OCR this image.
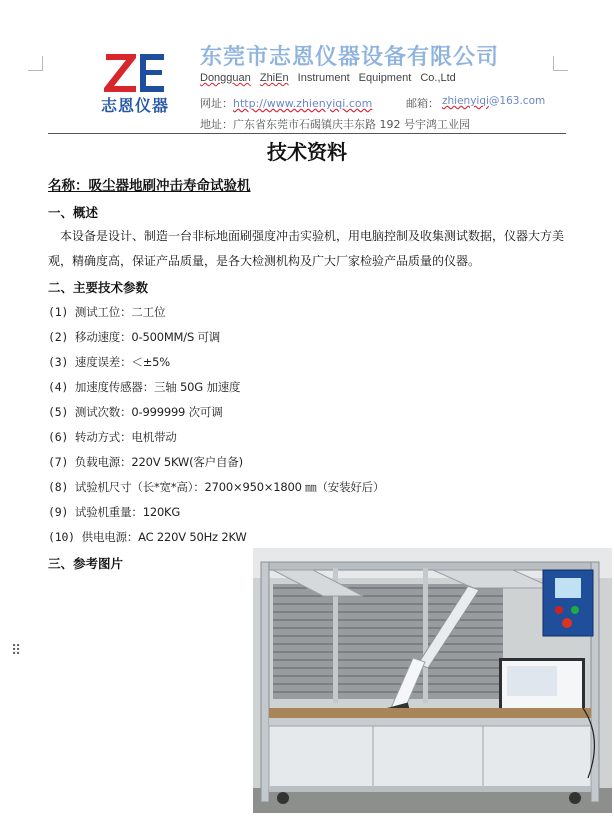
ZE
志恩仪器
东莞市志恩仪器设备有限公司
Dongguan ZhiEn Instrument Equipment Co.,Ltd
网址：http://www.zhienyiqi.com	邮箱： zhienyiqi@163.com
地址：广东省东莞市石碣镇庆丰东路 192 号宇鸿工业园
技术资料
名称：吸尘器地刷冲击寿命试验机
一、概述
本设备是设计、制造一台非标地面刷强度冲击实验机，用电脑控制及收集测试数据，仪器大方美观，精确度高，保证产品质量，是各大检测机构及广大厂家检验产品质量的仪器。
二、主要技术参数
(1) 测试工位：二工位
(2) 移动速度：0-500MM/S 可调
(3) 速度误差：＜±5%
(4) 加速度传感器：三轴 50G 加速度
(5) 测试次数：0-999999 次可调
(6) 转动方式：电机带动
(7) 负载电源：220V 5KW(客户自备)
(8) 试验机尺寸（长*宽*高）：2700×950×1800 ㎜（安装好后）
(9) 试验机重量：120KG
(10) 供电电源：AC 220V 50Hz 2KW
三、参考图片
⠿
